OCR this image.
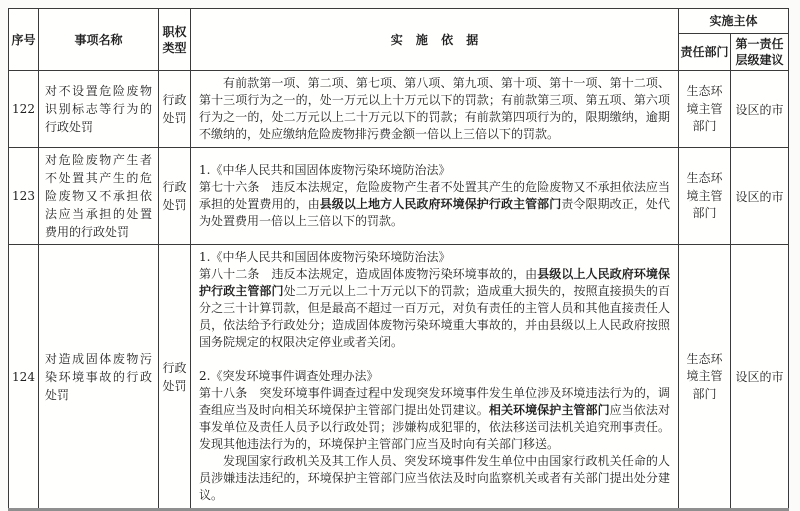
序号	事项名称	职权类型	实施依据	实施主体	
				责任部门	第一责任层级建议
122	对不设置危险废物识别标志等行为的行政处罚	行政处罚	有前款第一项、第二项、第七项、第八项、第九项、第十项、第十一项、第十二项、第十三项行为之一的，处一万元以上十万元以下的罚款；有前款第三项、第五项、第六项行为之一的，处二万元以上二十万元以下的罚款；有前款第四项行为的，限期缴纳，逾期不缴纳的，处应缴纳危险废物排污费金额一倍以上三倍以下的罚款。	生态环境主管部门	设区的市
123	对危险废物产生者不处置其产生的危险废物又不承担依法应当承担的处置费用的行政处罚	行政处罚	1.《中华人民共和国固体废物污染环境防治法》

第七十六条　违反本法规定，危险废物产生者不处置其产生的危险废物又不承担依法应当承担的处置费用的，由县级以上地方人民政府环境保护行政主管部门责令限期改正，处代为处置费用一倍以上三倍以下的罚款。	生态环境主管部门	设区的市
124	对造成固体废物污染环境事故的行政处罚	行政处罚	1.《中华人民共和国固体废物污染环境防治法》

第八十二条　违反本法规定，造成固体废物污染环境事故的，由县级以上人民政府环境保护行政主管部门处二万元以上二十万元以下的罚款；造成重大损失的，按照直接损失的百分之三十计算罚款，但是最高不超过一百万元，对负有责任的主管人员和其他直接责任人员，依法给予行政处分；造成固体废物污染环境重大事故的，并由县级以上人民政府按照国务院规定的权限决定停业或者关闭。

2.《突发环境事件调查处理办法》

第十八条　突发环境事件调查过程中发现突发环境事件发生单位涉及环境违法行为的，调查组应当及时向相关环境保护主管部门提出处罚建议。相关环境保护主管部门应当依法对事发单位及责任人员予以行政处罚；涉嫌构成犯罪的，依法移送司法机关追究刑事责任。发现其他违法行为的，环境保护主管部门应当及时向有关部门移送。

发现国家行政机关及其工作人员、突发环境事件发生单位中由国家行政机关任命的人员涉嫌违法违纪的，环境保护主管部门应当依法及时向监察机关或者有关部门提出处分建议。	生态环境主管部门	设区的市
